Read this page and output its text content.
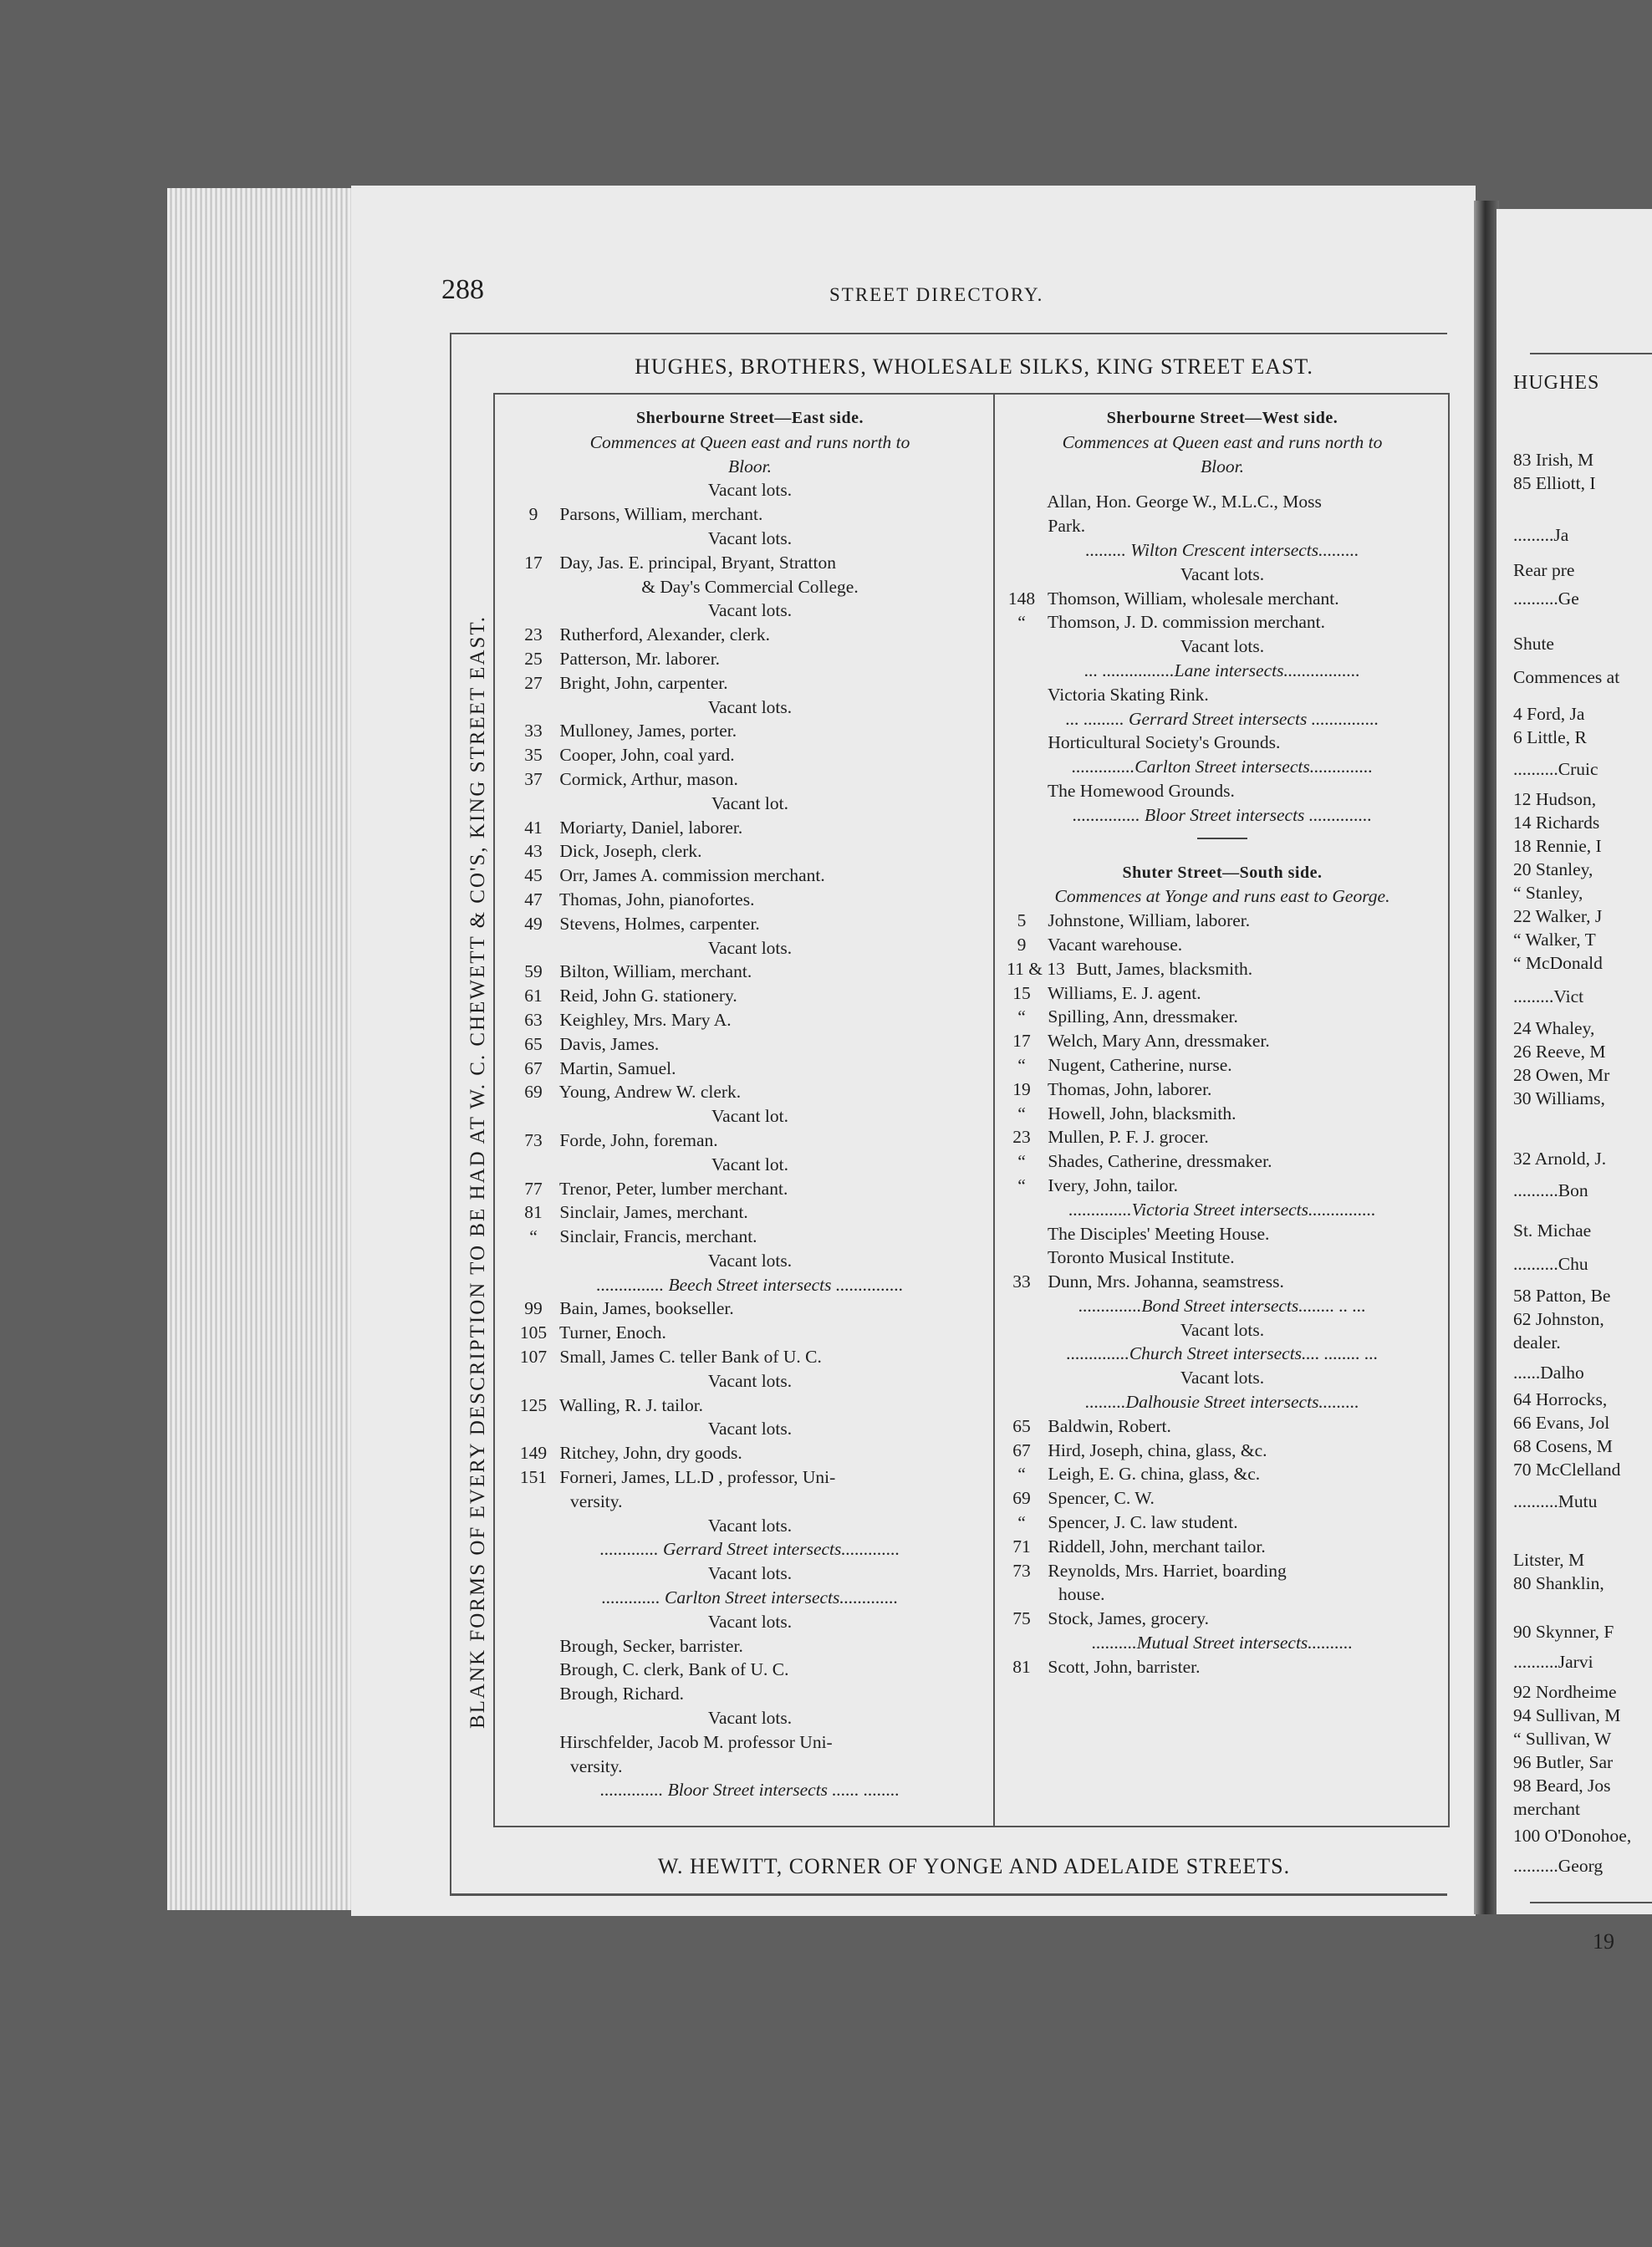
288	STREET DIRECTORY.
HUGHES, BROTHERS, WHOLESALE SILKS, KING STREET EAST.
BLANK FORMS OF EVERY DESCRIPTION TO BE HAD AT W. C. CHEWETT & CO'S, KING STREET EAST.
Sherbourne Street—East side.
Commences at Queen east and runs north to
Bloor.
Vacant lots.
9 Parsons, William, merchant.
Vacant lots.
17 Day, Jas. E. principal, Bryant, Stratton
& Day's Commercial College.
Vacant lots.
23 Rutherford, Alexander, clerk.
25 Patterson, Mr. laborer.
27 Bright, John, carpenter.
Vacant lots.
33 Mulloney, James, porter.
35 Cooper, John, coal yard.
37 Cormick, Arthur, mason.
Vacant lot.
41 Moriarty, Daniel, laborer.
43 Dick, Joseph, clerk.
45 Orr, James A. commission merchant.
47 Thomas, John, pianofortes.
49 Stevens, Holmes, carpenter.
Vacant lots.
59 Bilton, William, merchant.
61 Reid, John G. stationery.
63 Keighley, Mrs. Mary A.
65 Davis, James.
67 Martin, Samuel.
69 Young, Andrew W. clerk.
Vacant lot.
73 Forde, John, foreman.
Vacant lot.
77 Trenor, Peter, lumber merchant.
81 Sinclair, James, merchant.
“ Sinclair, Francis, merchant.
Vacant lots.
............... Beech Street intersects ...............
99 Bain, James, bookseller.
105 Turner, Enoch.
107 Small, James C. teller Bank of U. C.
Vacant lots.
125 Walling, R. J. tailor.
Vacant lots.
149 Ritchey, John, dry goods.
151 Forneri, James, LL.D , professor, Uni-
versity.
Vacant lots.
............. Gerrard Street intersects.............
Vacant lots.
............. Carlton Street intersects.............
Vacant lots.
Brough, Secker, barrister.
Brough, C. clerk, Bank of U. C.
Brough, Richard.
Vacant lots.
Hirschfelder, Jacob M. professor Uni-
versity.
.............. Bloor Street intersects ...... ........
Sherbourne Street—West side.
Commences at Queen east and runs north to
Bloor.
Allan, Hon. George W., M.L.C., Moss
Park.
......... Wilton Crescent intersects.........
Vacant lots.
148 Thomson, William, wholesale merchant.
“ Thomson, J. D. commission merchant.
Vacant lots.
... ................Lane intersects.................
Victoria Skating Rink.
... ......... Gerrard Street intersects ...............
Horticultural Society's Grounds.
..............Carlton Street intersects..............
The Homewood Grounds.
............... Bloor Street intersects ..............
Shuter Street—South side.
Commences at Yonge and runs east to George.
5 Johnstone, William, laborer.
9 Vacant warehouse.
11 & 13 Butt, James, blacksmith.
15 Williams, E. J. agent.
“ Spilling, Ann, dressmaker.
17 Welch, Mary Ann, dressmaker.
“ Nugent, Catherine, nurse.
19 Thomas, John, laborer.
“ Howell, John, blacksmith.
23 Mullen, P. F. J. grocer.
“ Shades, Catherine, dressmaker.
“ Ivery, John, tailor.
..............Victoria Street intersects...............
The Disciples' Meeting House.
Toronto Musical Institute.
33 Dunn, Mrs. Johanna, seamstress.
..............Bond Street intersects........ .. ...
Vacant lots.
..............Church Street intersects.... ........ ...
Vacant lots.
.........Dalhousie Street intersects.........
65 Baldwin, Robert.
67 Hird, Joseph, china, glass, &c.
“ Leigh, E. G. china, glass, &c.
69 Spencer, C. W.
“ Spencer, J. C. law student.
71 Riddell, John, merchant tailor.
73 Reynolds, Mrs. Harriet, boarding
house.
75 Stock, James, grocery.
..........Mutual Street intersects..........
81 Scott, John, barrister.
W. HEWITT, CORNER OF YONGE AND ADELAIDE STREETS.
HUGHES
19
83 Irish, M
85 Elliott, I
.........Ja
Rear pre
..........Ge
Shute
Commences at
4 Ford, Ja
6 Little, R
..........Cruic
12 Hudson,
14 Richards
18 Rennie, I
20 Stanley,
“ Stanley,
22 Walker, J
“ Walker, T
“ McDonald
.........Vict
24 Whaley,
26 Reeve, M
28 Owen, Mr
30 Williams,
32 Arnold, J.
..........Bon
St. Michae
..........Chu
58 Patton, Be
62 Johnston,
dealer.
......Dalho
64 Horrocks,
66 Evans, Jol
68 Cosens, M
70 McClelland
..........Mutu
Litster, M
80 Shanklin,
90 Skynner, F
..........Jarvi
92 Nordheime
94 Sullivan, M
“ Sullivan, W
96 Butler, Sar
98 Beard, Jos
merchant
100 O'Donohoe,
..........Georg
